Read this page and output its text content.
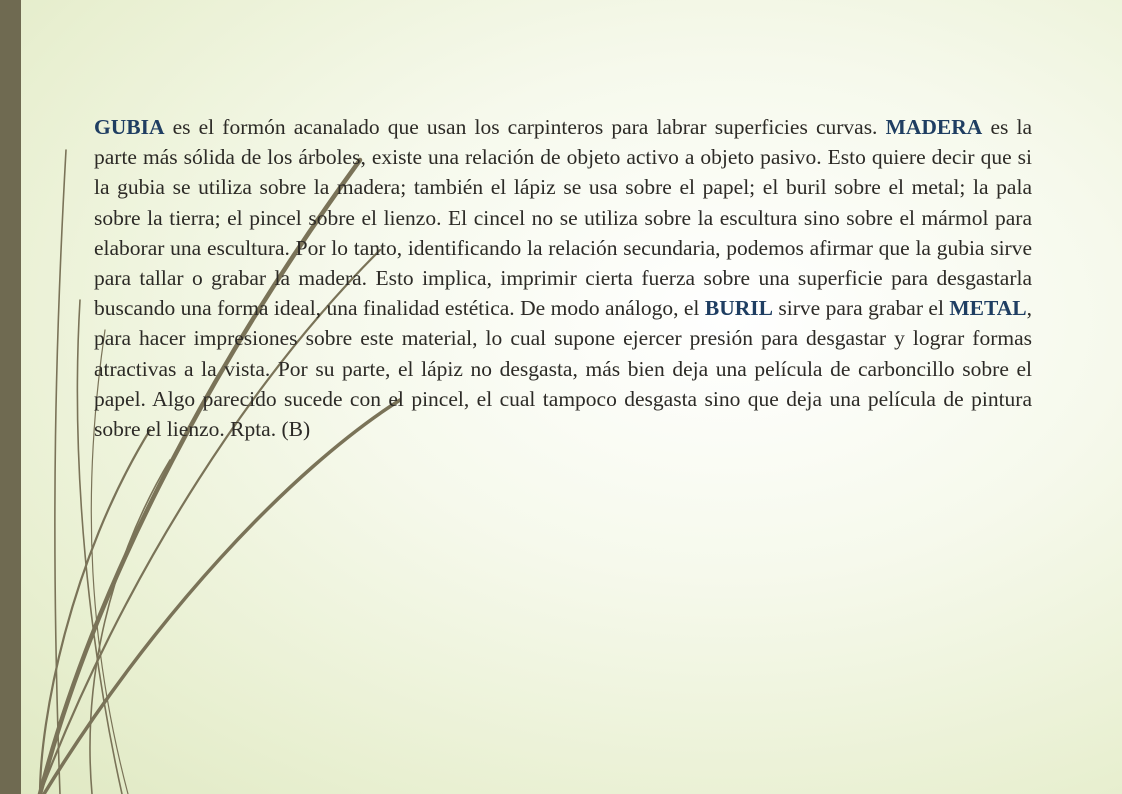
GUBIA es el formón acanalado que usan los carpinteros para labrar superficies curvas. MADERA es la parte más sólida de los árboles, existe una relación de objeto activo a objeto pasivo. Esto quiere decir que si la gubia se utiliza sobre la madera; también el lápiz se usa sobre el papel; el buril sobre el metal; la pala sobre la tierra; el pincel sobre el lienzo. El cincel no se utiliza sobre la escultura sino sobre el mármol para elaborar una escultura. Por lo tanto, identificando la relación secundaria, podemos afirmar que la gubia sirve para tallar o grabar la madera. Esto implica, imprimir cierta fuerza sobre una superficie para desgastarla buscando una forma ideal, una finalidad estética. De modo análogo, el BURIL sirve para grabar el METAL, para hacer impresiones sobre este material, lo cual supone ejercer presión para desgastar y lograr formas atractivas a la vista. Por su parte, el lápiz no desgasta, más bien deja una película de carboncillo sobre el papel. Algo parecido sucede con el pincel, el cual tampoco desgasta sino que deja una película de pintura sobre el lienzo. Rpta. (B)
